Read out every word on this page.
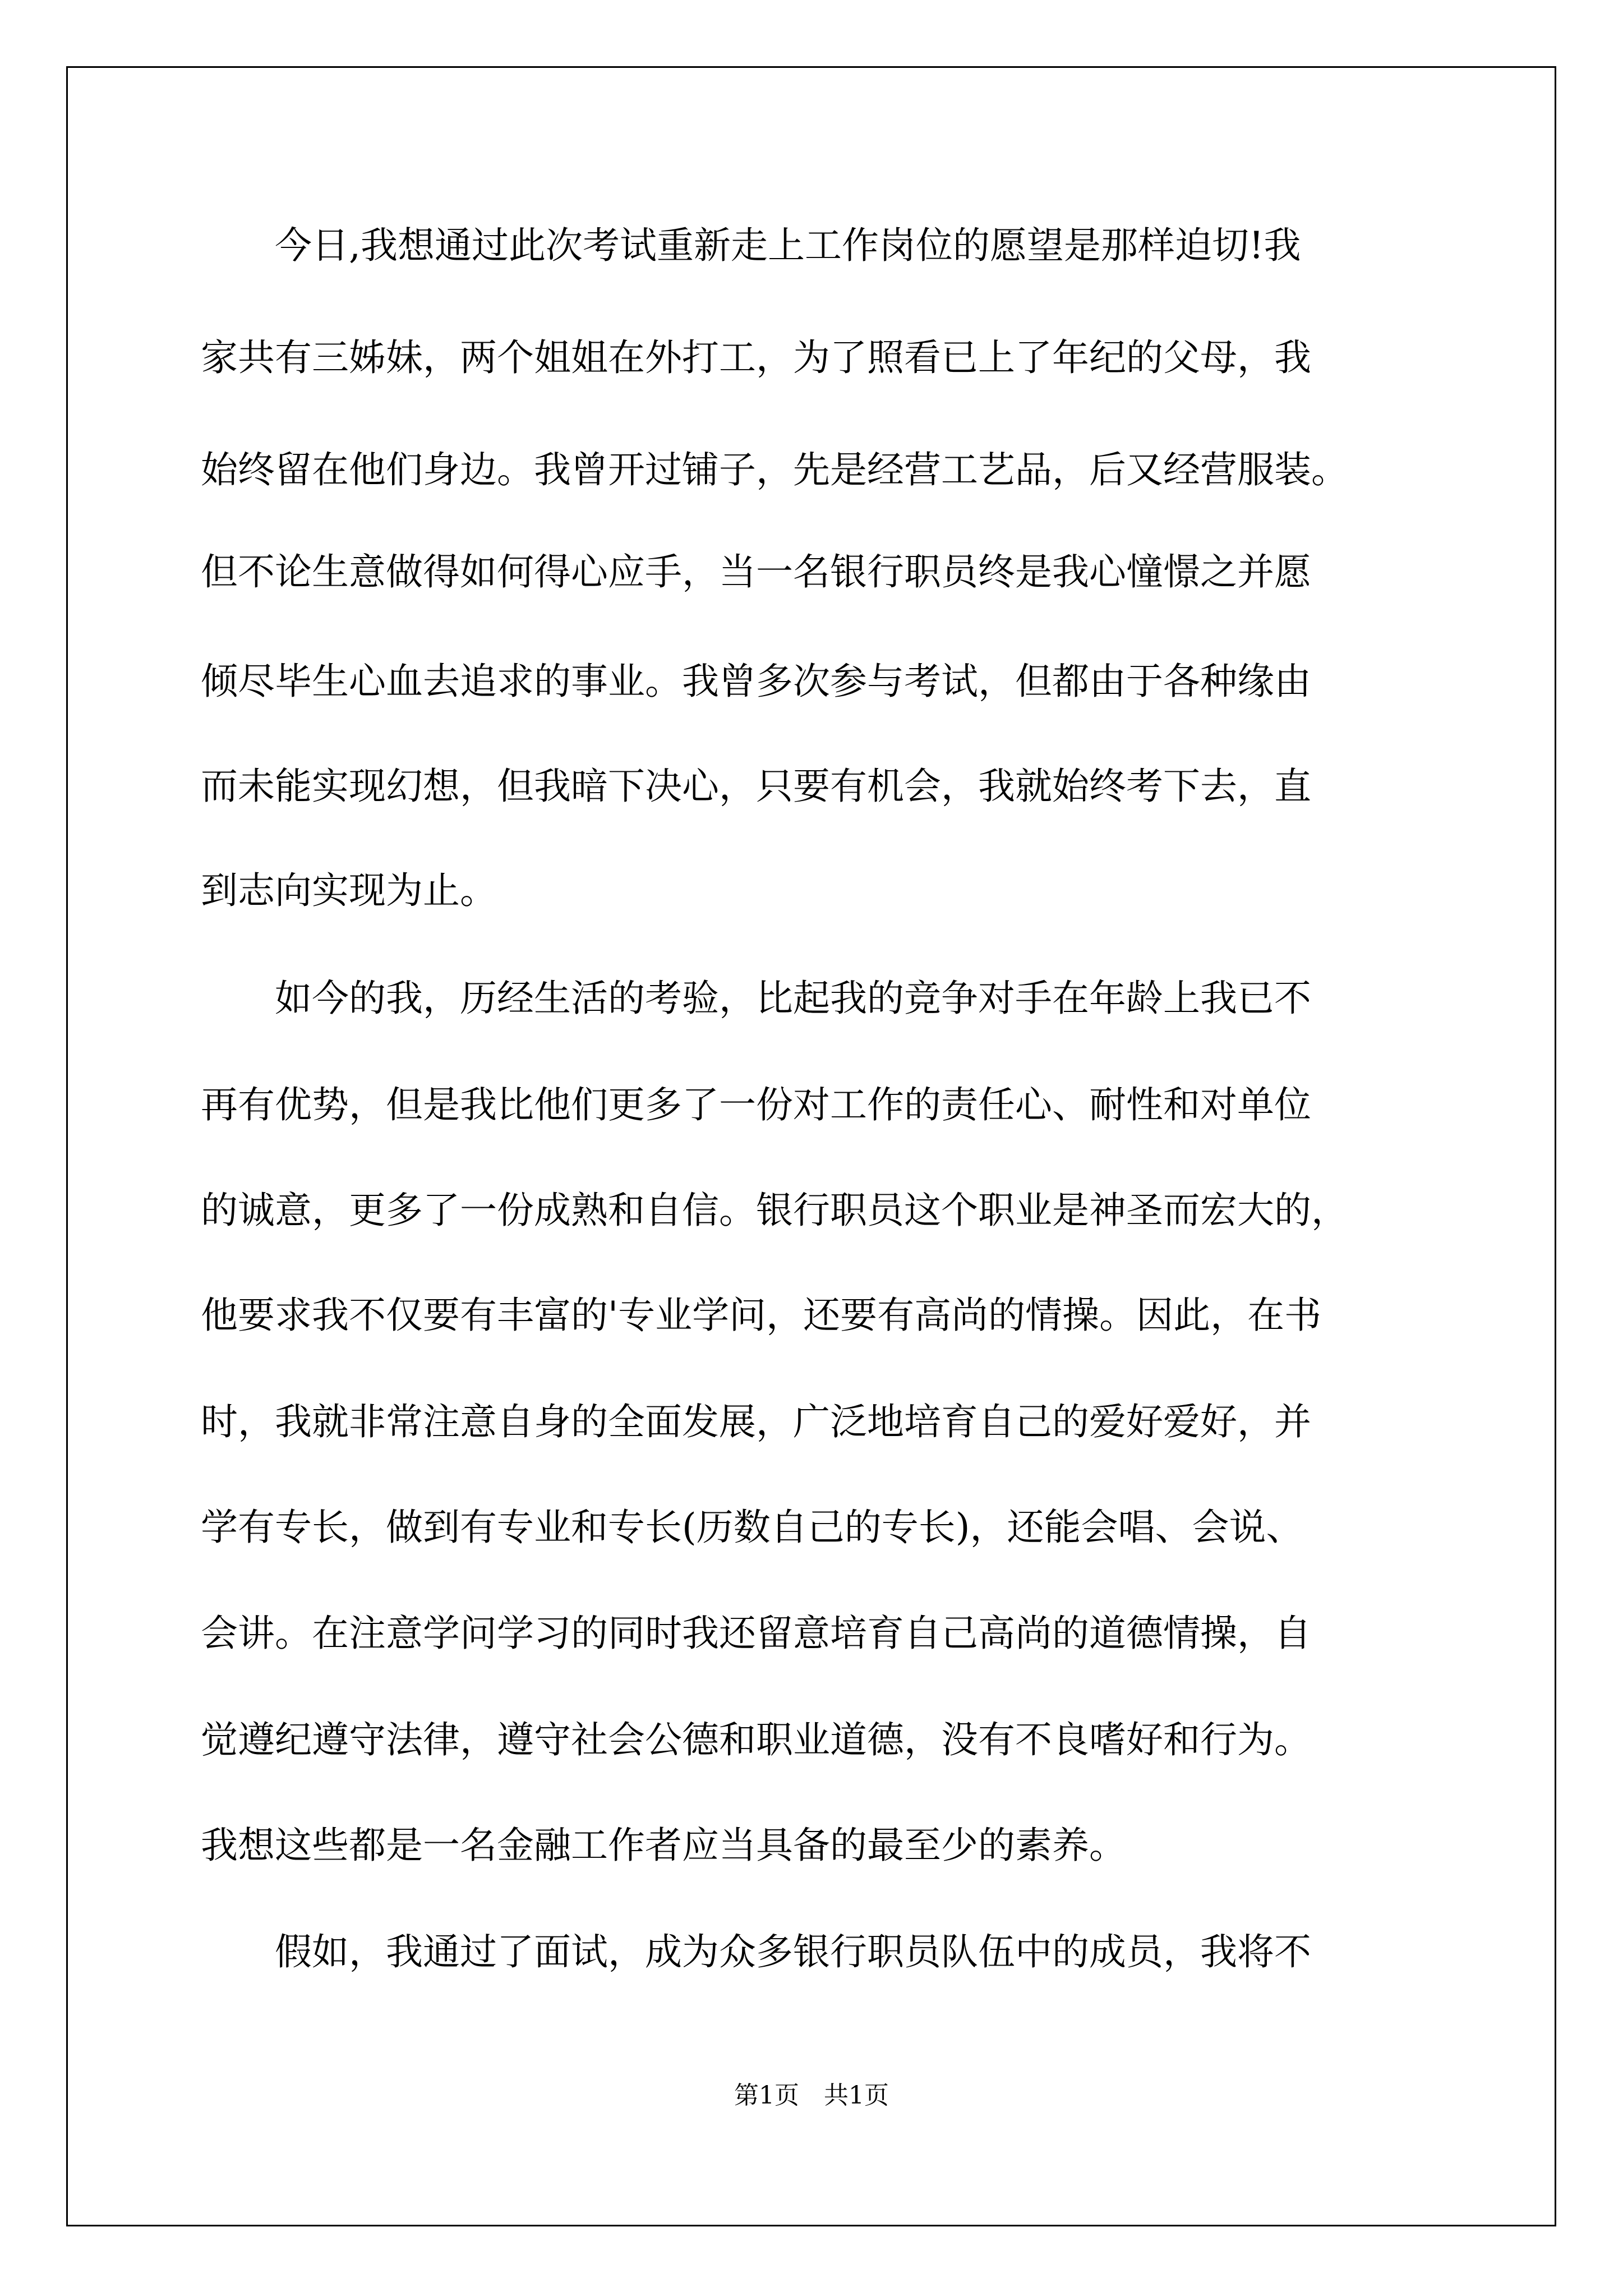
　　今日,我想通过此次考试重新走上工作岗位的愿望是那样迫切!我
家共有三姊妹，两个姐姐在外打工，为了照看已上了年纪的父母，我
始终留在他们身边。我曾开过铺子，先是经营工艺品，后又经营服装。
但不论生意做得如何得心应手，当一名银行职员终是我心憧憬之并愿
倾尽毕生心血去追求的事业。我曾多次参与考试，但都由于各种缘由
而未能实现幻想，但我暗下决心，只要有机会，我就始终考下去，直
到志向实现为止。
　　如今的我，历经生活的考验，比起我的竞争对手在年龄上我已不
再有优势，但是我比他们更多了一份对工作的责任心、耐性和对单位
的诚意，更多了一份成熟和自信。银行职员这个职业是神圣而宏大的，
他要求我不仅要有丰富的'专业学问，还要有高尚的情操。因此，在书
时，我就非常注意自身的全面发展，广泛地培育自己的爱好爱好，并
学有专长，做到有专业和专长(历数自己的专长)，还能会唱、会说、
会讲。在注意学问学习的同时我还留意培育自己高尚的道德情操，自
觉遵纪遵守法律，遵守社会公德和职业道德，没有不良嗜好和行为。
我想这些都是一名金融工作者应当具备的最至少的素养。
　　假如，我通过了面试，成为众多银行职员队伍中的成员，我将不
第1页　共1页
